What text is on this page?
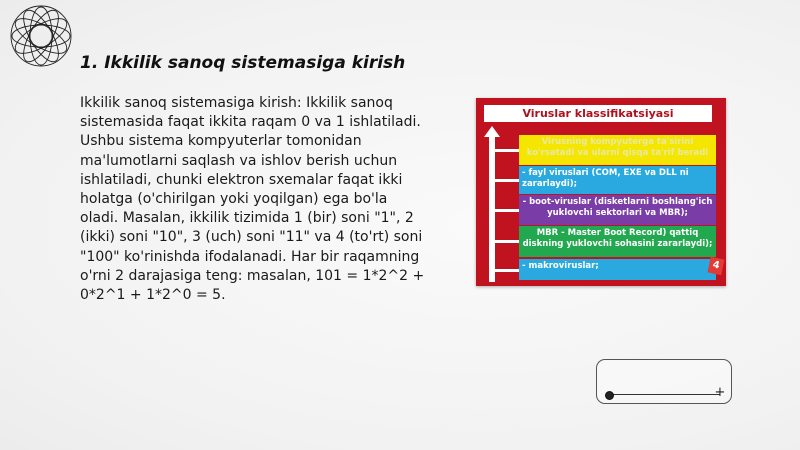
1. Ikkilik sanoq sistemasiga kirish
Ikkilik sanoq sistemasiga kirish: Ikkilik sanoq sistemasida faqat ikkita raqam 0 va 1 ishlatiladi. Ushbu sistema kompyuterlar tomonidan ma'lumotlarni saqlash va ishlov berish uchun ishlatiladi, chunki elektron sxemalar faqat ikki holatga (o'chirilgan yoki yoqilgan) ega bo'la oladi. Masalan, ikkilik tizimida 1 (bir) soni "1", 2 (ikki) soni "10", 3 (uch) soni "11" va 4 (to'rt) soni "100" ko'rinishda ifodalanadi. Har bir raqamning o'rni 2 darajasiga teng: masalan, 101 = 1*2^2 + 0*2^1 + 1*2^0 = 5.
Viruslar klassifikatsiyasi
Virusning kompyuterga ta'sirini ko'rsatadi va ularni qisqa ta'rif beradi
- fayl viruslari (COM, EXE va DLL ni zararlaydi);
- boot-viruslar (disketlarni boshlang'ich yuklovchi sektorlari va MBR);
MBR - Master Boot Record) qattiq diskning yuklovchi sohasini zararlaydi);
- makroviruslar;	4
+
